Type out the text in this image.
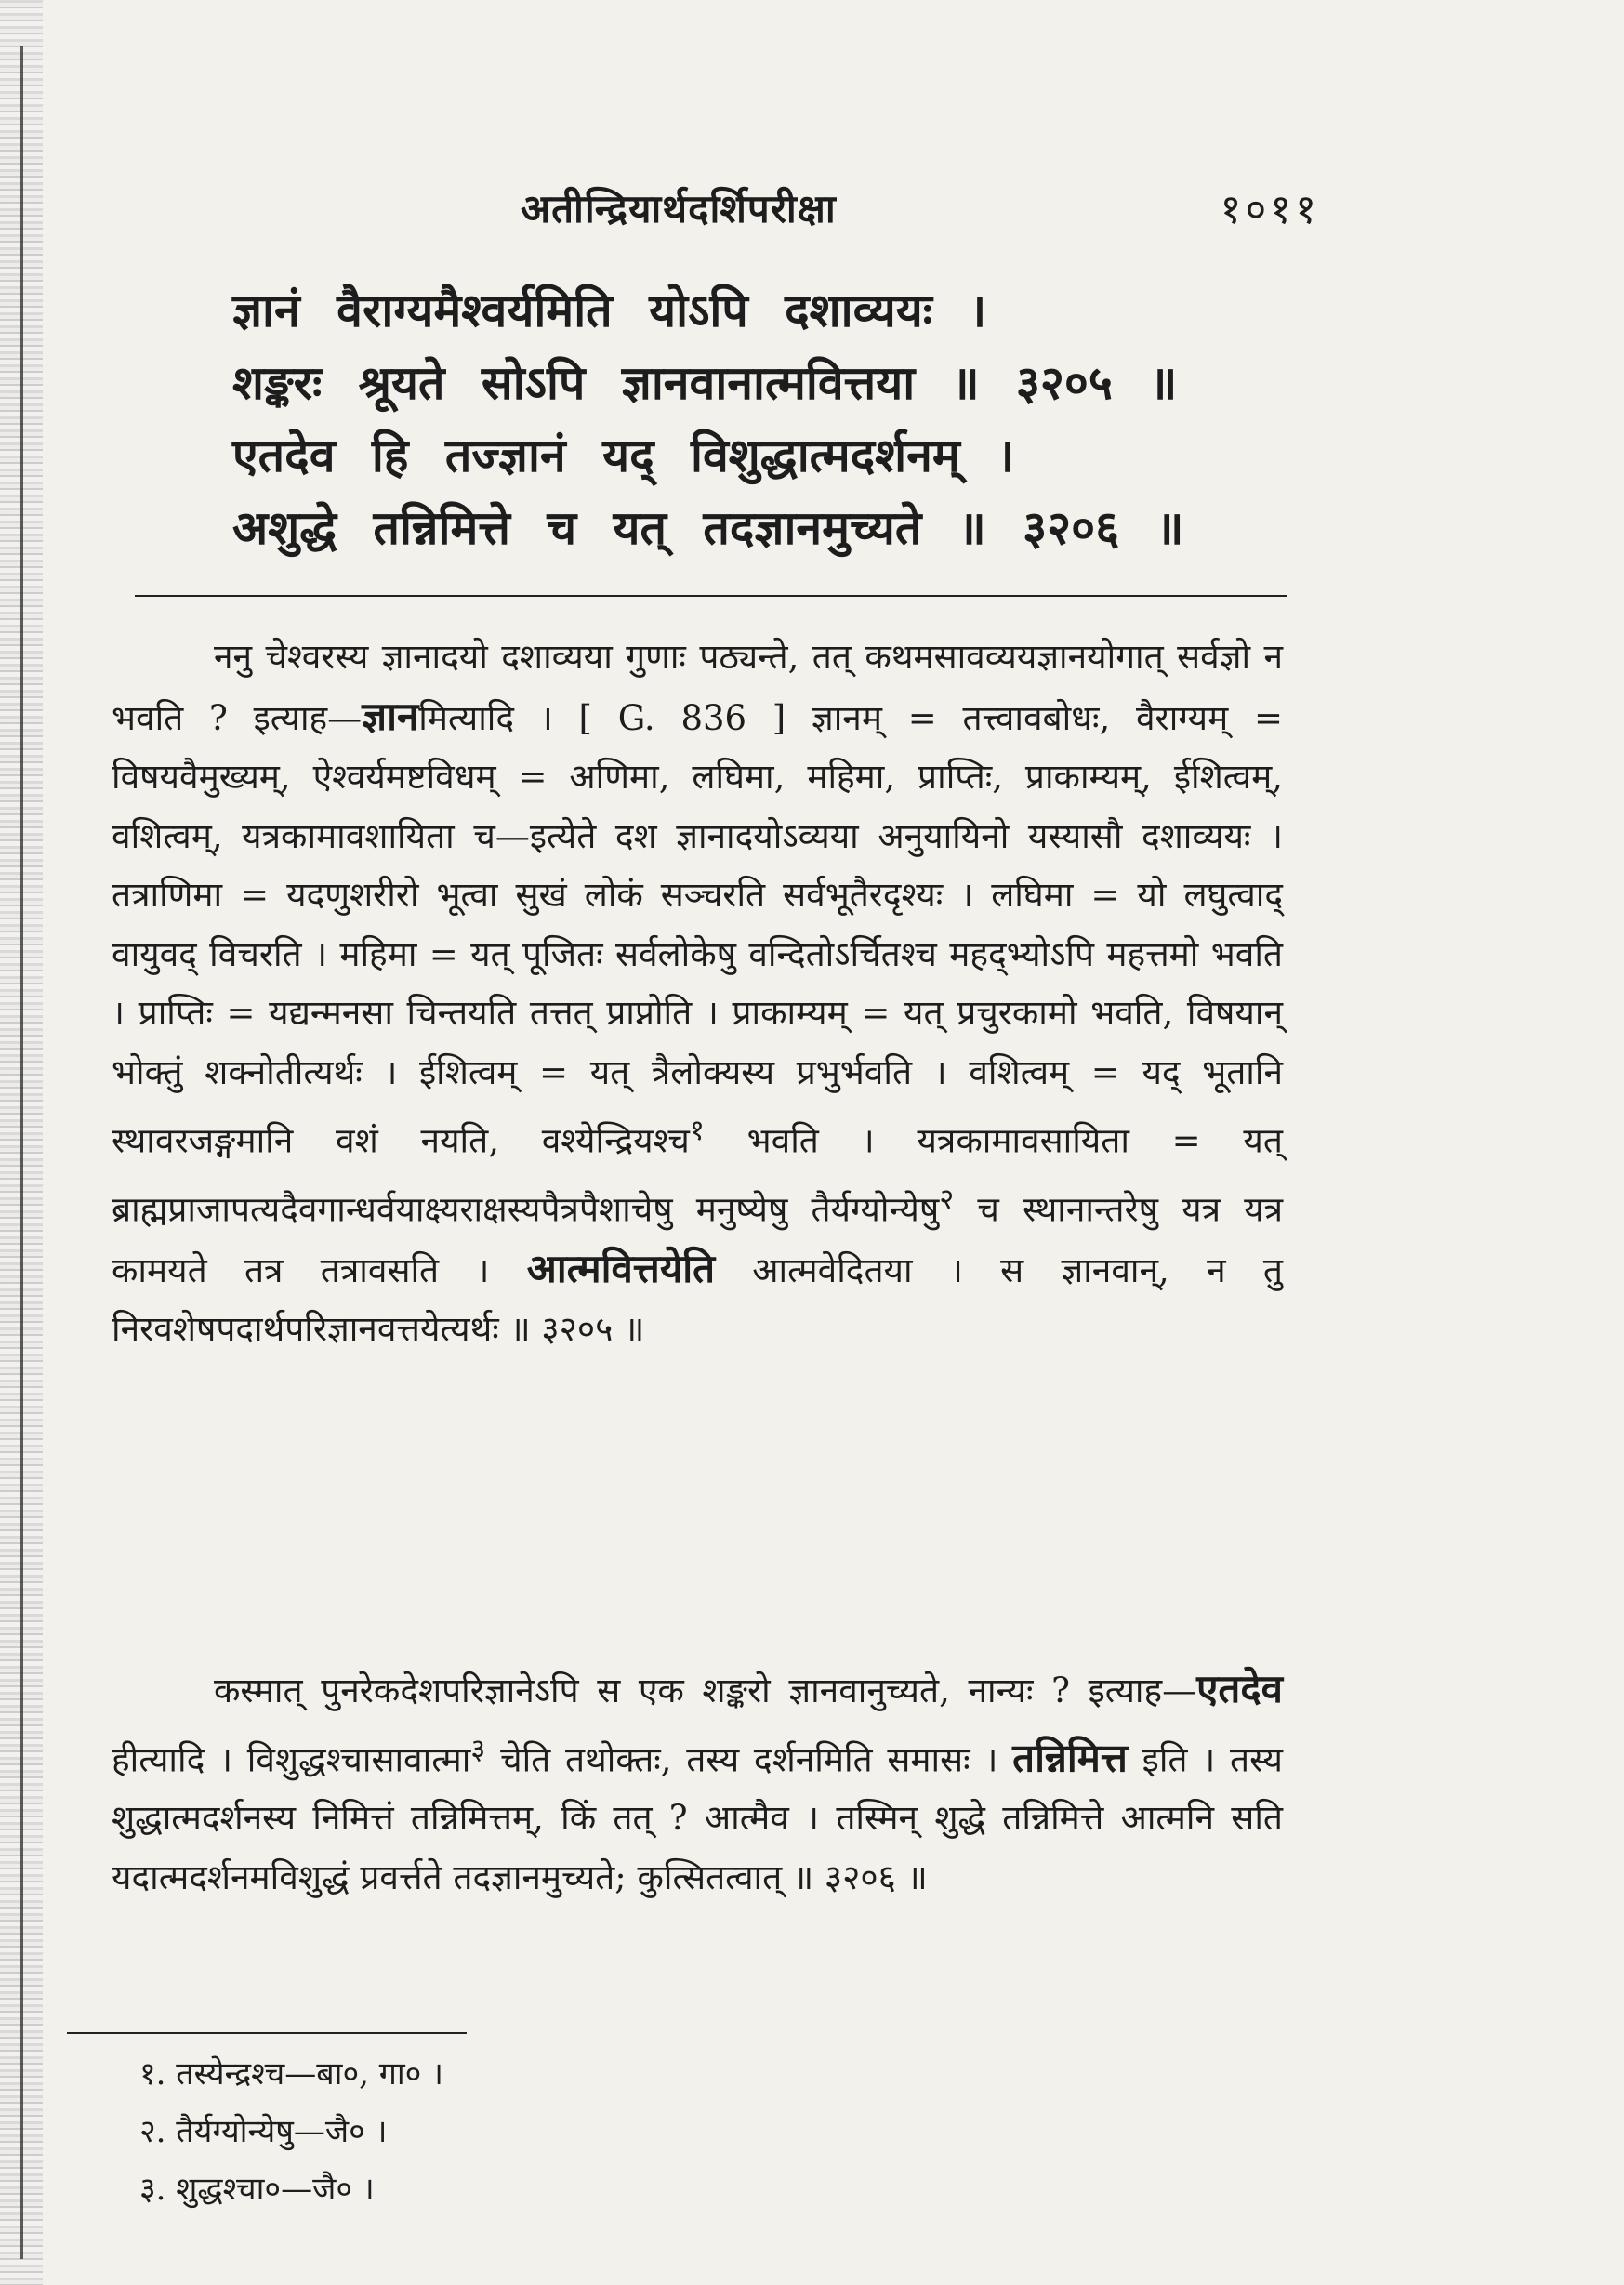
अतीन्द्रियार्थदर्शिपरीक्षा	१०११
ज्ञानं वैराग्यमैश्वर्यमिति योऽपि दशाव्ययः ।
शङ्करः श्रूयते सोऽपि ज्ञानवानात्मवित्तया ॥ ३२०५ ॥
एतदेव हि तज्ज्ञानं यद् विशुद्धात्मदर्शनम् ।
अशुद्धे तन्निमित्ते च यत् तदज्ञानमुच्यते ॥ ३२०६ ॥

ननु चेश्वरस्य ज्ञानादयो दशाव्यया गुणाः पठ्यन्ते, तत् कथमसावव्ययज्ञानयोगात् सर्वज्ञो न भवति ? इत्याह—ज्ञानमित्यादि । [ G. 836 ] ज्ञानम् = तत्त्वावबोधः, वैराग्यम् = विषयवैमुख्यम्, ऐश्वर्यमष्टविधम् = अणिमा, लघिमा, महिमा, प्राप्तिः, प्राकाम्यम्, ईशित्वम्, वशित्वम्, यत्रकामावशायिता च—इत्येते दश ज्ञानादयोऽव्यया अनुयायिनो यस्यासौ दशाव्ययः । तत्राणिमा = यदणुशरीरो भूत्वा सुखं लोकं सञ्चरति सर्वभूतैरदृश्यः । लघिमा = यो लघुत्वाद् वायुवद् विचरति । महिमा = यत् पूजितः सर्वलोकेषु वन्दितोऽर्चितश्च महद्भ्योऽपि महत्तमो भवति । प्राप्तिः = यद्यन्मनसा चिन्तयति तत्तत् प्राप्नोति । प्राकाम्यम् = यत् प्रचुरकामो भवति, विषयान् भोक्तुं शक्नोतीत्यर्थः । ईशित्वम् = यत् त्रैलोक्यस्य प्रभुर्भवति । वशित्वम् = यद् भूतानि स्थावरजङ्गमानि वशं नयति, वश्येन्द्रियश्च$^१$ भवति । यत्रकामावसायिता = यत् ब्राह्मप्राजापत्यदैवगान्धर्वयाक्ष्यराक्षस्यपैत्रपैशाचेषु मनुष्येषु तैर्यग्योन्येषु$^२$ च स्थानान्तरेषु यत्र यत्र कामयते तत्र तत्रावसति । आत्मवित्तयेति आत्मवेदितया । स ज्ञानवान्, न तु निरवशेषपदार्थपरिज्ञानवत्तयेत्यर्थः ॥ ३२०५ ॥

कस्मात् पुनरेकदेशपरिज्ञानेऽपि स एक शङ्करो ज्ञानवानुच्यते, नान्यः ? इत्याह—एतदेव हीत्यादि । विशुद्धश्चासावात्मा$^३$ चेति तथोक्तः, तस्य दर्शनमिति समासः । तन्निमित्त इति । तस्य शुद्धात्मदर्शनस्य निमित्तं तन्निमित्तम्, किं तत् ? आत्मैव । तस्मिन् शुद्धे तन्निमित्ते आत्मनि सति यदात्मदर्शनमविशुद्धं प्रवर्त्तते तदज्ञानमुच्यते; कुत्सितत्वात् ॥ ३२०६ ॥

१. तस्येन्द्रश्च—बा०, गा० ।
२. तैर्यग्योन्येषु—जै० ।
३. शुद्धश्चा०—जै० ।
